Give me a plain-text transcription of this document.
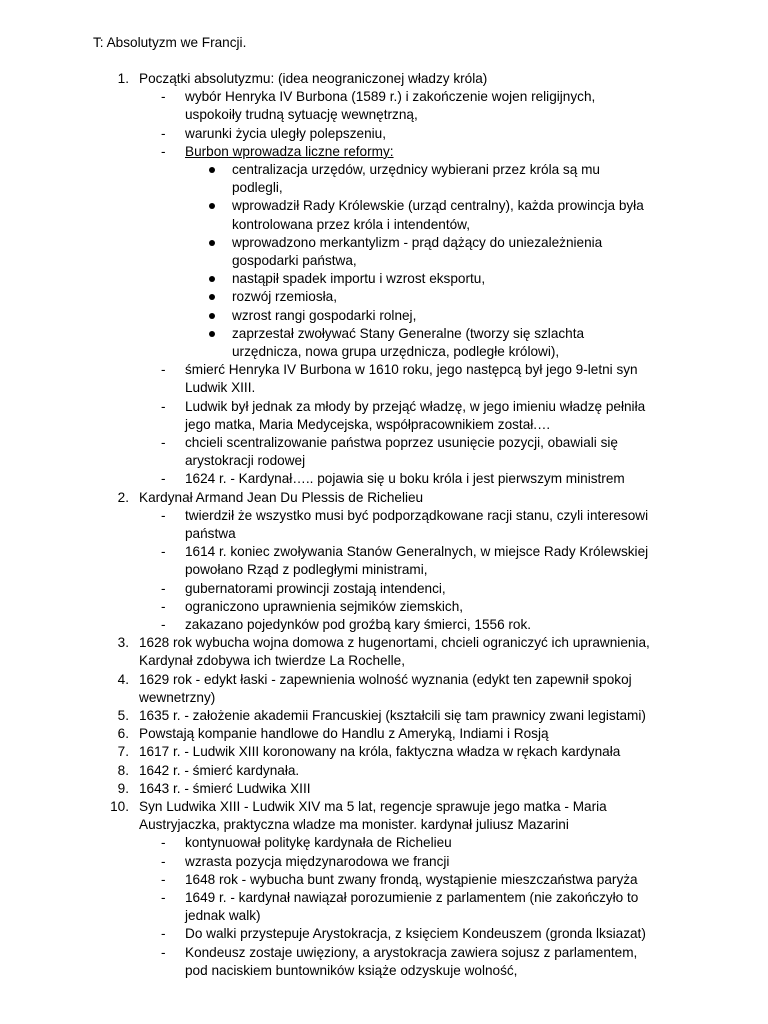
T: Absolutyzm we Francji.
1. Początki absolutyzmu: (idea neograniczonej władzy króla)
- wybór Henryka IV Burbona (1589 r.) i zakończenie wojen religijnych,
uspokoiły trudną sytuację wewnętrzną,
- warunki życia uległy polepszeniu,
- Burbon wprowadza liczne reformy:
centralizacja urzędów, urzędnicy wybierani przez króla są mu
podlegli,
wprowadził Rady Królewskie (urząd centralny), każda prowincja była
kontrolowana przez króla i intendentów,
wprowadzono merkantylizm - prąd dążący do uniezależnienia
gospodarki państwa,
nastąpił spadek importu i wzrost eksportu,
rozwój rzemiosła,
wzrost rangi gospodarki rolnej,
zaprzestał zwoływać Stany Generalne (tworzy się szlachta
urzędnicza, nowa grupa urzędnicza, podległe królowi),
- śmierć Henryka IV Burbona w 1610 roku, jego następcą był jego 9-letni syn
Ludwik XIII.
- Ludwik był jednak za młody by przejąć władzę, w jego imieniu władzę pełniła
jego matka, Maria Medycejska, współpracownikiem został.…
- chcieli scentralizowanie państwa poprzez usunięcie pozycji, obawiali się
arystokracji rodowej
- 1624 r. - Kardynał….. pojawia się u boku króla i jest pierwszym ministrem
2. Kardynał Armand Jean Du Plessis de Richelieu
- twierdził że wszystko musi być podporządkowane racji stanu, czyli interesowi
państwa
- 1614 r. koniec zwoływania Stanów Generalnych, w miejsce Rady Królewskiej
powołano Rząd z podległymi ministrami,
- gubernatorami prowincji zostają intendenci,
- ograniczono uprawnienia sejmików ziemskich,
- zakazano pojedynków pod groźbą kary śmierci, 1556 rok.
3. 1628 rok wybucha wojna domowa z hugenortami, chcieli ograniczyć ich uprawnienia,
Kardynał zdobywa ich twierdze La Rochelle,
4. 1629 rok - edykt łaski - zapewnienia wolność wyznania (edykt ten zapewnił spokoj
wewnetrzny)
5. 1635 r. - założenie akademii Francuskiej (kształcili się tam prawnicy zwani legistami)
6. Powstają kompanie handlowe do Handlu z Ameryką, Indiami i Rosją
7. 1617 r. - Ludwik XIII koronowany na króla, faktyczna władza w rękach kardynała
8. 1642 r. - śmierć kardynała.
9. 1643 r. - śmierć Ludwika XIII
10. Syn Ludwika XIII - Ludwik XIV ma 5 lat, regencje sprawuje jego matka - Maria
Austryjaczka, praktyczna wladze ma monister. kardynał juliusz Mazarini
- kontynuował politykę kardynała de Richelieu
- wzrasta pozycja międzynarodowa we francji
- 1648 rok - wybucha bunt zwany frondą, wystąpienie mieszczaństwa paryża
- 1649 r. - kardynał nawiązał porozumienie z parlamentem (nie zakończyło to
jednak walk)
- Do walki przystepuje Arystokracja, z księciem Kondeuszem (gronda lksiazat)
- Kondeusz zostaje uwięziony, a arystokracja zawiera sojusz z parlamentem,
pod naciskiem buntowników książe odzyskuje wolność,
